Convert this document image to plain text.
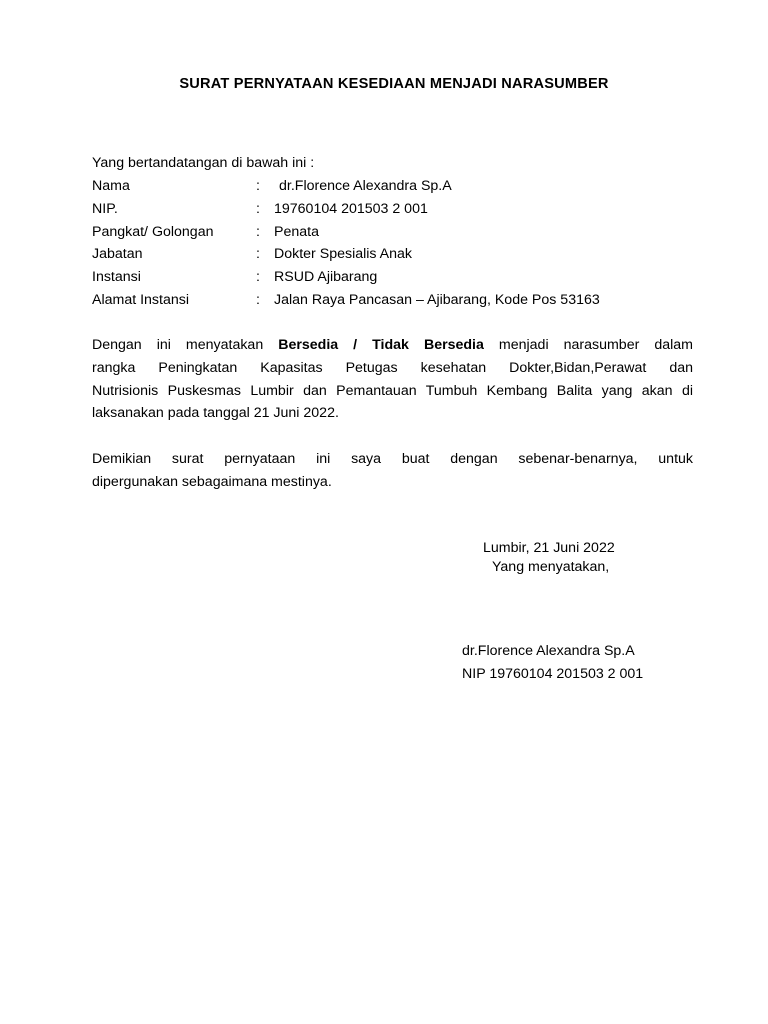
SURAT PERNYATAAN KESEDIAAN MENJADI NARASUMBER
Yang bertandatangan di bawah ini :
Nama	: dr.Florence Alexandra Sp.A
NIP.	: 19760104 201503 2 001
Pangkat/ Golongan	: Penata
Jabatan	: Dokter Spesialis Anak
Instansi	: RSUD Ajibarang
Alamat Instansi	: Jalan Raya Pancasan – Ajibarang, Kode Pos 53163
Dengan ini menyatakan Bersedia / Tidak Bersedia menjadi narasumber dalam
rangka Peningkatan Kapasitas Petugas kesehatan Dokter,Bidan,Perawat dan
Nutrisionis Puskesmas Lumbir dan Pemantauan Tumbuh Kembang Balita yang akan di
laksanakan pada tanggal 21 Juni 2022.
Demikian surat pernyataan ini saya buat dengan sebenar-benarnya, untuk
dipergunakan sebagaimana mestinya.
Lumbir, 21 Juni 2022
Yang menyatakan,
dr.Florence Alexandra Sp.A
NIP 19760104 201503 2 001
